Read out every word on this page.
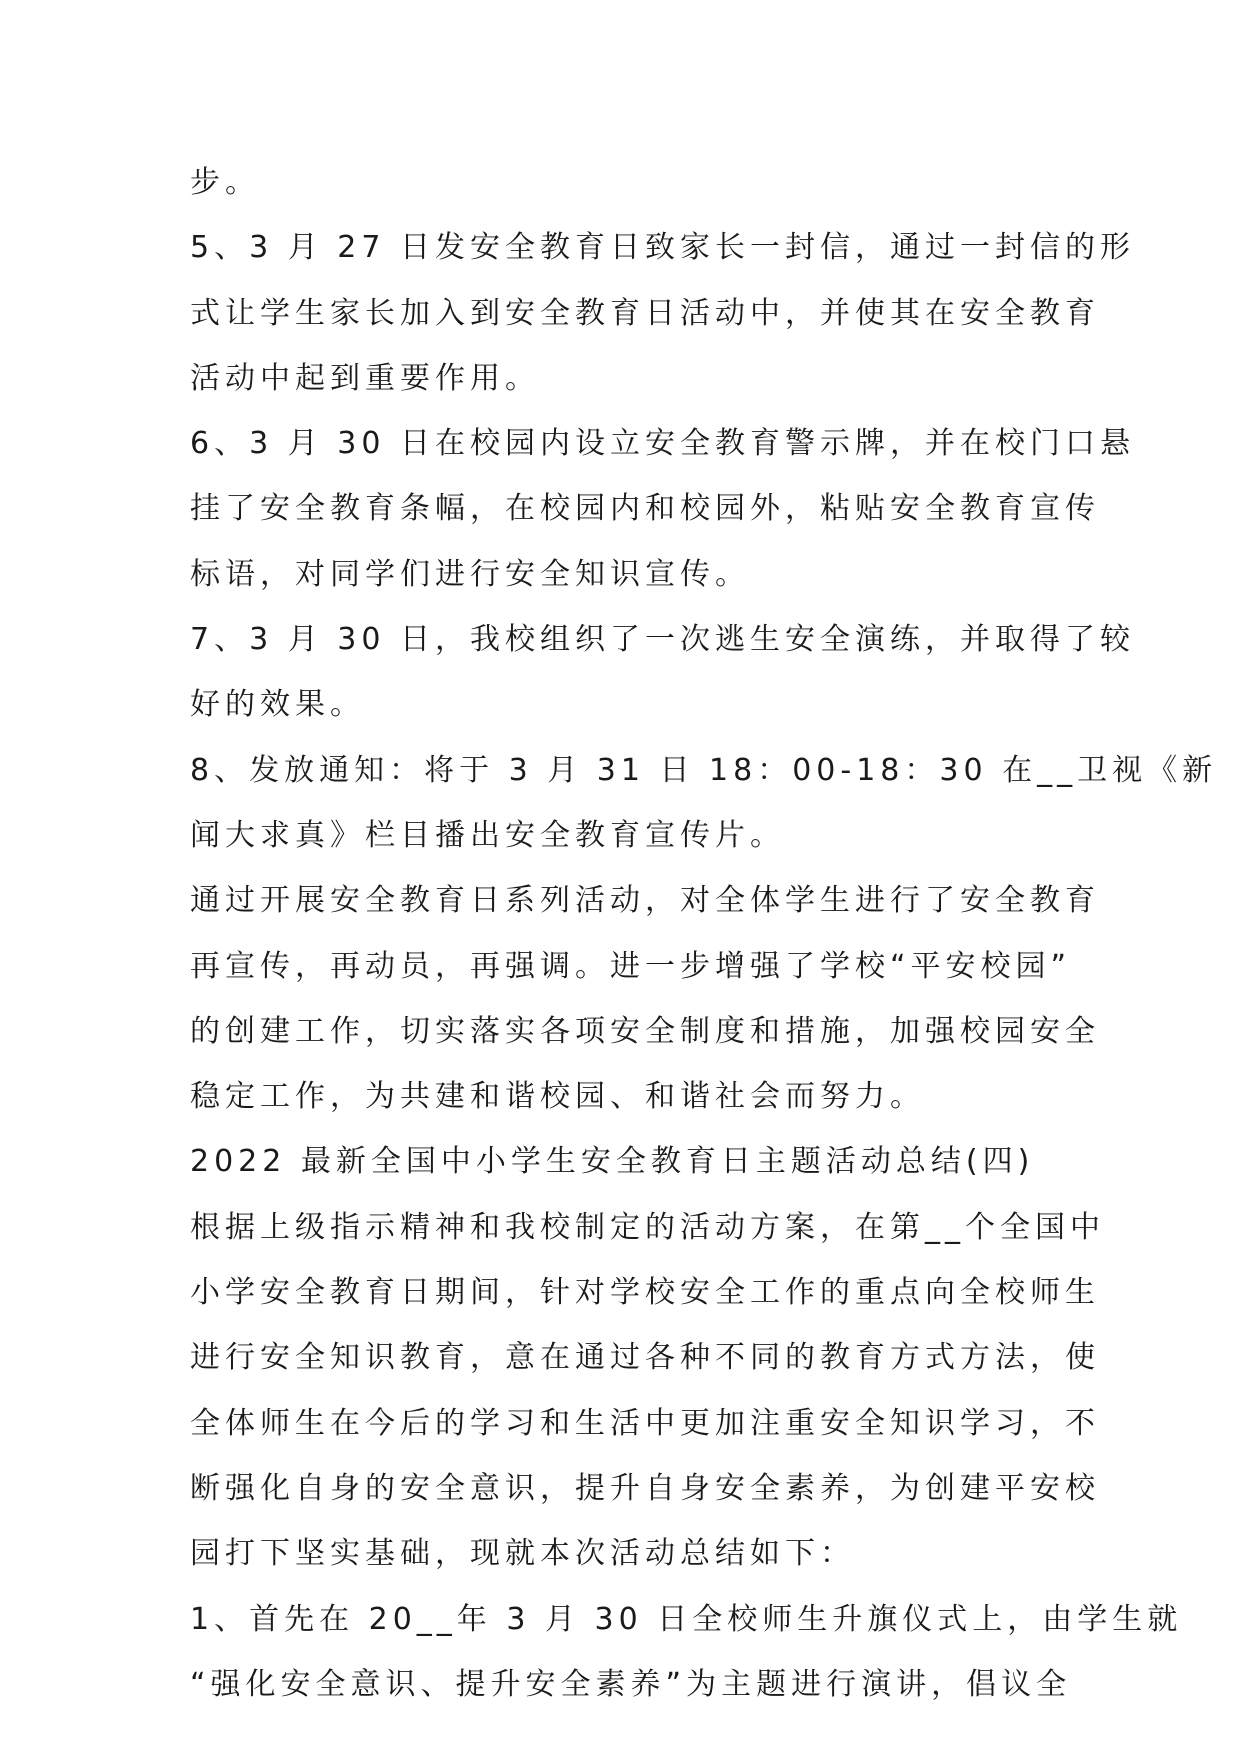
步。
5、3 月 27 日发安全教育日致家长一封信，通过一封信的形
式让学生家长加入到安全教育日活动中，并使其在安全教育
活动中起到重要作用。
6、3 月 30 日在校园内设立安全教育警示牌，并在校门口悬
挂了安全教育条幅，在校园内和校园外，粘贴安全教育宣传
标语，对同学们进行安全知识宣传。
7、3 月 30 日，我校组织了一次逃生安全演练，并取得了较
好的效果。
8、发放通知：将于 3 月 31 日 18：00-18：30 在__卫视《新
闻大求真》栏目播出安全教育宣传片。
通过开展安全教育日系列活动，对全体学生进行了安全教育
再宣传，再动员，再强调。进一步增强了学校“平安校园”
的创建工作，切实落实各项安全制度和措施，加强校园安全
稳定工作，为共建和谐校园、和谐社会而努力。
2022 最新全国中小学生安全教育日主题活动总结(四)
根据上级指示精神和我校制定的活动方案，在第__个全国中
小学安全教育日期间，针对学校安全工作的重点向全校师生
进行安全知识教育，意在通过各种不同的教育方式方法，使
全体师生在今后的学习和生活中更加注重安全知识学习，不
断强化自身的安全意识，提升自身安全素养，为创建平安校
园打下坚实基础，现就本次活动总结如下：
1、首先在 20__年 3 月 30 日全校师生升旗仪式上，由学生就
“强化安全意识、提升安全素养”为主题进行演讲，倡议全
